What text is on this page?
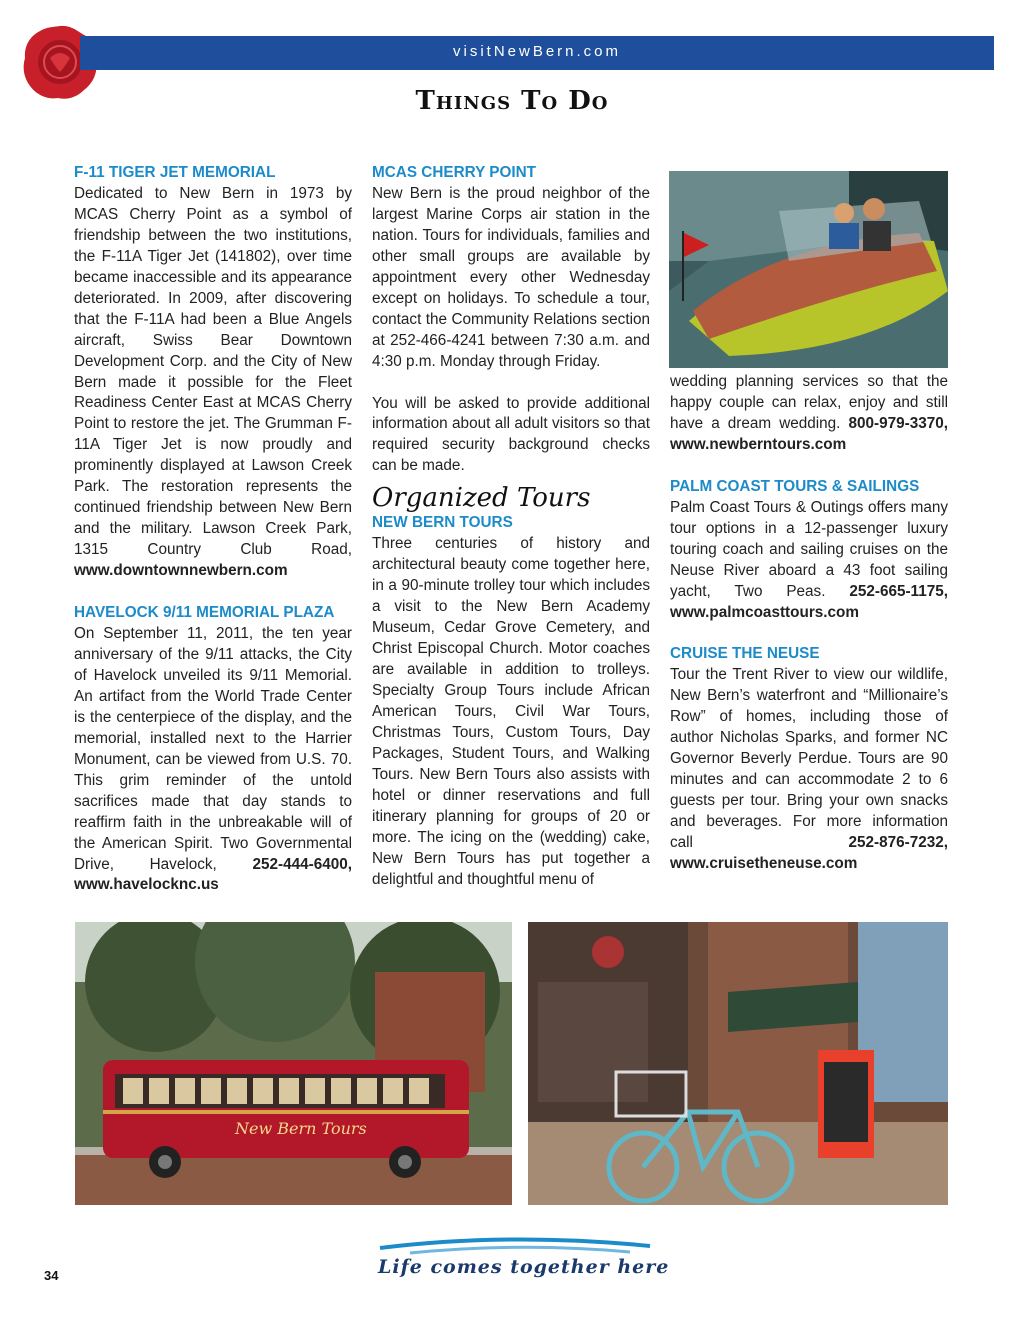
visitNewBern.com
Things To Do

F-11 TIGER JET MEMORIAL

Dedicated to New Bern in 1973 by MCAS Cherry Point as a symbol of friendship between the two institutions, the F-11A Tiger Jet (141802), over time became inaccessible and its appearance deteriorated. In 2009, after discovering that the F-11A had been a Blue Angels aircraft, Swiss Bear Downtown Development Corp. and the City of New Bern made it possible for the Fleet Readiness Center East at MCAS Cherry Point to restore the jet. The Grumman F-11A Tiger Jet is now proudly and prominently displayed at Lawson Creek Park. The restoration represents the continued friendship between New Bern and the military. Lawson Creek Park, 1315 Country Club Road, www.downtownnewbern.com

HAVELOCK 9/11 MEMORIAL PLAZA

On September 11, 2011, the ten year anniversary of the 9/11 attacks, the City of Havelock unveiled its 9/11 Memorial. An artifact from the World Trade Center is the centerpiece of the display, and the memorial, installed next to the Harrier Monument, can be viewed from U.S. 70. This grim reminder of the untold sacrifices made that day stands to reaffirm faith in the unbreakable will of the American Spirit. Two Governmental Drive, Havelock, 252-444-6400, www.havelocknc.us

MCAS CHERRY POINT

New Bern is the proud neighbor of the largest Marine Corps air station in the nation. Tours for individuals, families and other small groups are available by appointment every other Wednesday except on holidays. To schedule a tour, contact the Community Relations section at 252-466-4241 between 7:30 a.m. and 4:30 p.m. Monday through Friday.

You will be asked to provide additional information about all adult visitors so that required security background checks can be made.

Organized Tours

NEW BERN TOURS

Three centuries of history and architectural beauty come together here, in a 90-minute trolley tour which includes a visit to the New Bern Academy Museum, Cedar Grove Cemetery, and Christ Episcopal Church. Motor coaches are available in addition to trolleys. Specialty Group Tours include African American Tours, Civil War Tours, Christmas Tours, Custom Tours, Day Packages, Student Tours, and Walking Tours. New Bern Tours also assists with hotel or dinner reservations and full itinerary planning for groups of 20 or more. The icing on the (wedding) cake, New Bern Tours has put together a delightful and thoughtful menu of

wedding planning services so that the happy couple can relax, enjoy and still have a dream wedding. 800-979-3370, www.newberntours.com

PALM COAST TOURS & SAILINGS

Palm Coast Tours & Outings offers many tour options in a 12-passenger luxury touring coach and sailing cruises on the Neuse River aboard a 43 foot sailing yacht, Two Peas. 252-665-1175, www.palmcoasttours.com

CRUISE THE NEUSE

Tour the Trent River to view our wildlife, New Bern’s waterfront and “Millionaire’s Row” of homes, including those of author Nicholas Sparks, and former NC Governor Beverly Perdue. Tours are 90 minutes and can accommodate 2 to 6 guests per tour. Bring your own snacks and beverages. For more information call	252-876-7232, www.cruisetheneuse.com

New Bern Tours
Life comes together here
34
